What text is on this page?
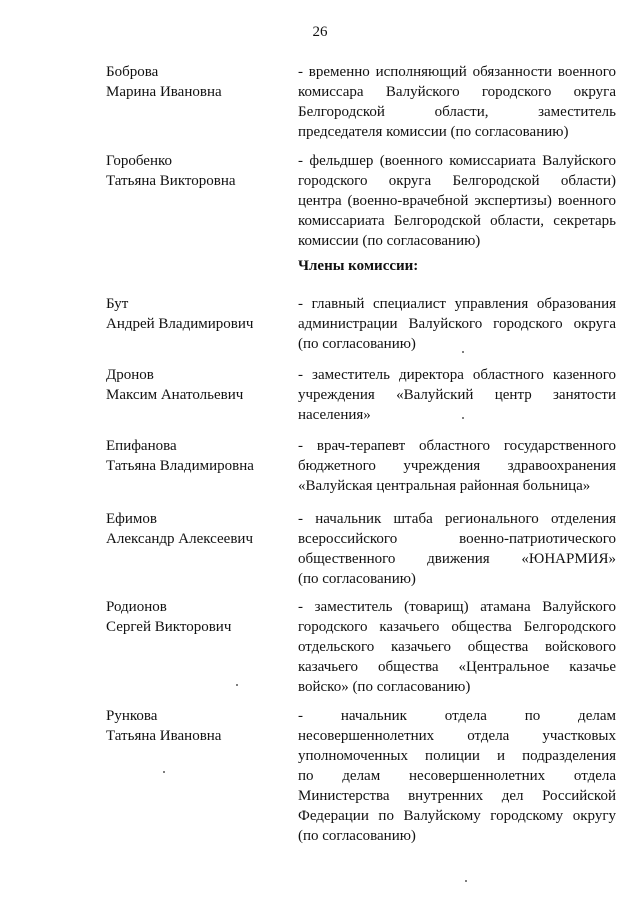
26
Боброва
Марина Ивановна
- временно исполняющий обязанности военного
комиссара Валуйского городского округа
Белгородской области, заместитель
председателя комиссии (по согласованию)
Горобенко
Татьяна Викторовна
- фельдшер (военного комиссариата Валуйского
городского округа Белгородской области)
центра (военно-врачебной экспертизы) военного
комиссариата Белгородской области, секретарь
комиссии (по согласованию)
Члены комиссии:
Бут
Андрей Владимирович
- главный специалист управления образования
администрации Валуйского городского округа
(по согласованию)
Дронов
Максим Анатольевич
- заместитель директора областного казенного
учреждения «Валуйский центр занятости
населения»
Епифанова
Татьяна Владимировна
- врач-терапевт областного государственного
бюджетного учреждения здравоохранения
«Валуйская центральная районная больница»
Ефимов
Александр Алексеевич
- начальник штаба регионального отделения
всероссийского военно-патриотического
общественного движения «ЮНАРМИЯ»
(по согласованию)
Родионов
Сергей Викторович
- заместитель (товарищ) атамана Валуйского
городского казачьего общества Белгородского
отдельского казачьего общества войскового
казачьего общества «Центральное казачье
войско» (по согласованию)
Рункова
Татьяна Ивановна
- начальник отдела по делам
несовершеннолетних отдела участковых
уполномоченных полиции и подразделения
по делам несовершеннолетних отдела
Министерства внутренних дел Российской
Федерации по Валуйскому городскому округу
(по согласованию)
